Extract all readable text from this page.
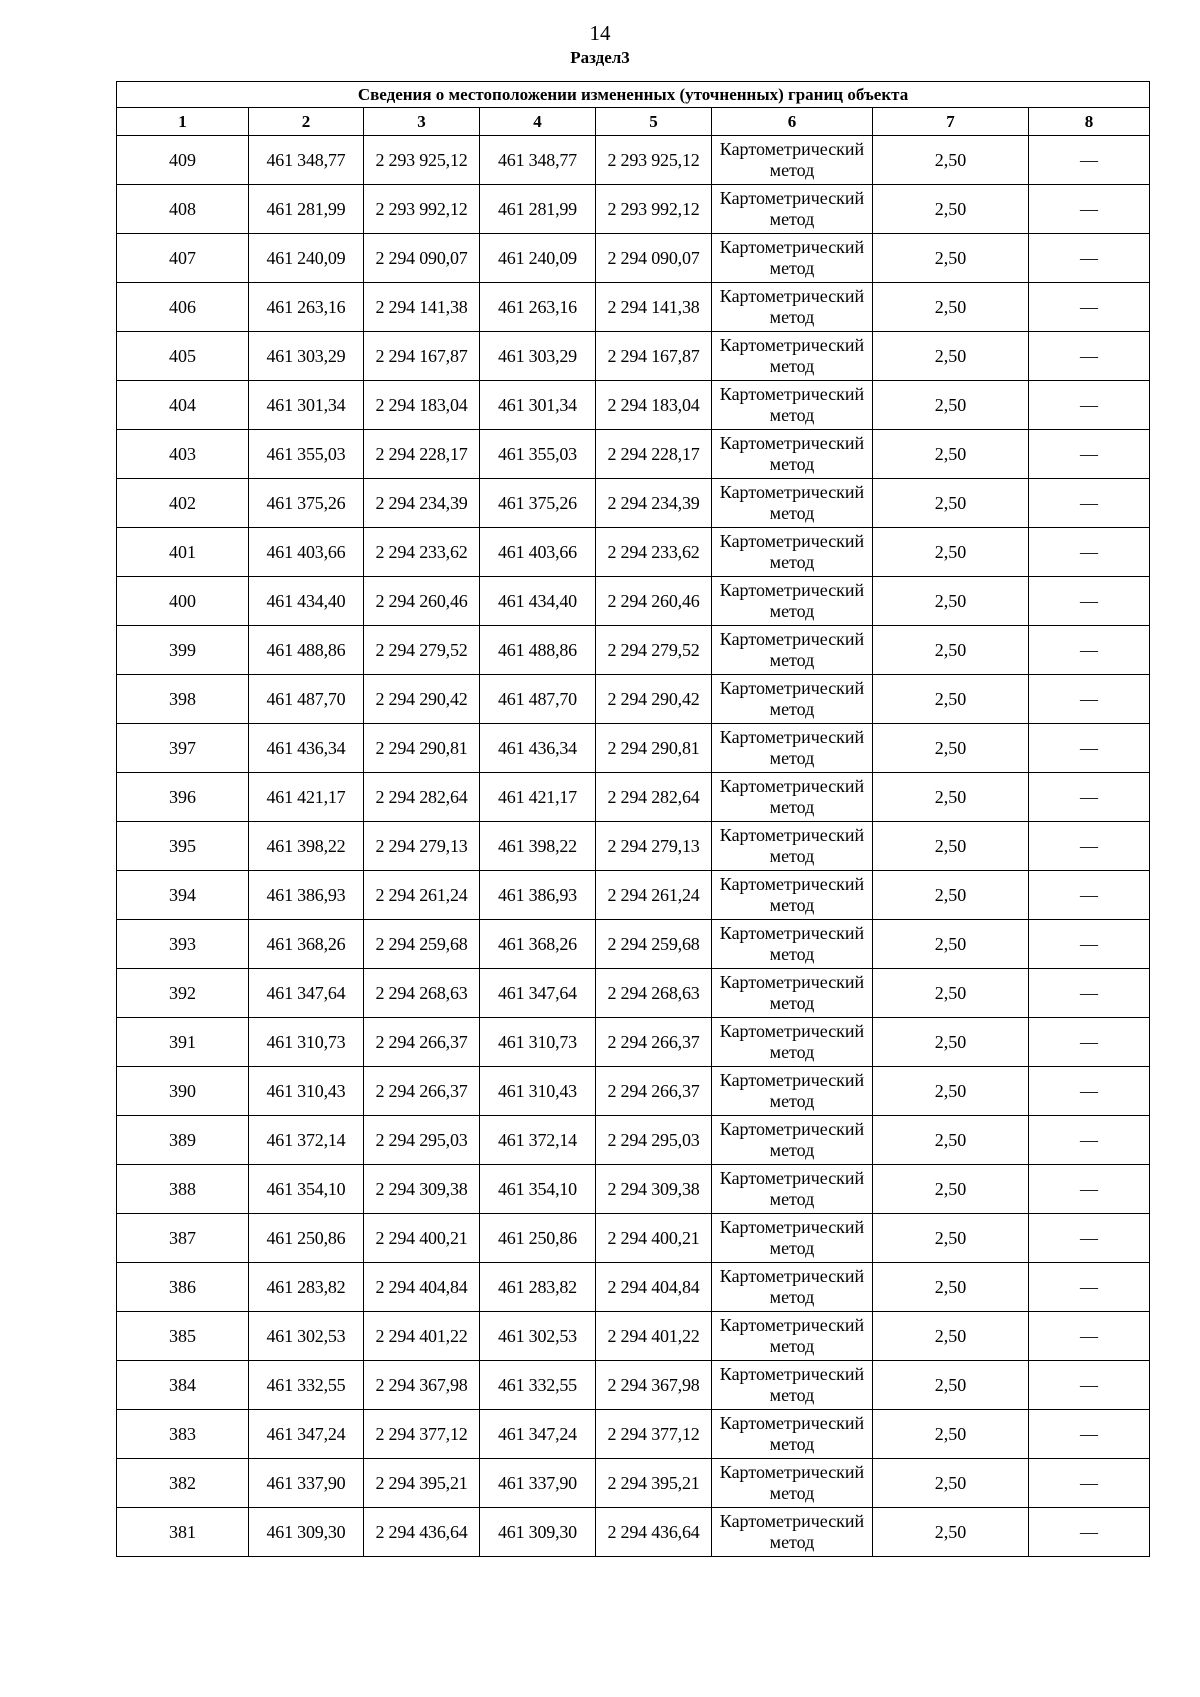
14
Раздел3
Сведения о местоположении измененных (уточненных) границ объекта							
1	2	3	4	5	6	7	8
409	461 348,77	2 293 925,12	461 348,77	2 293 925,12	Картометрический метод	2,50	—
408	461 281,99	2 293 992,12	461 281,99	2 293 992,12	Картометрический метод	2,50	—
407	461 240,09	2 294 090,07	461 240,09	2 294 090,07	Картометрический метод	2,50	—
406	461 263,16	2 294 141,38	461 263,16	2 294 141,38	Картометрический метод	2,50	—
405	461 303,29	2 294 167,87	461 303,29	2 294 167,87	Картометрический метод	2,50	—
404	461 301,34	2 294 183,04	461 301,34	2 294 183,04	Картометрический метод	2,50	—
403	461 355,03	2 294 228,17	461 355,03	2 294 228,17	Картометрический метод	2,50	—
402	461 375,26	2 294 234,39	461 375,26	2 294 234,39	Картометрический метод	2,50	—
401	461 403,66	2 294 233,62	461 403,66	2 294 233,62	Картометрический метод	2,50	—
400	461 434,40	2 294 260,46	461 434,40	2 294 260,46	Картометрический метод	2,50	—
399	461 488,86	2 294 279,52	461 488,86	2 294 279,52	Картометрический метод	2,50	—
398	461 487,70	2 294 290,42	461 487,70	2 294 290,42	Картометрический метод	2,50	—
397	461 436,34	2 294 290,81	461 436,34	2 294 290,81	Картометрический метод	2,50	—
396	461 421,17	2 294 282,64	461 421,17	2 294 282,64	Картометрический метод	2,50	—
395	461 398,22	2 294 279,13	461 398,22	2 294 279,13	Картометрический метод	2,50	—
394	461 386,93	2 294 261,24	461 386,93	2 294 261,24	Картометрический метод	2,50	—
393	461 368,26	2 294 259,68	461 368,26	2 294 259,68	Картометрический метод	2,50	—
392	461 347,64	2 294 268,63	461 347,64	2 294 268,63	Картометрический метод	2,50	—
391	461 310,73	2 294 266,37	461 310,73	2 294 266,37	Картометрический метод	2,50	—
390	461 310,43	2 294 266,37	461 310,43	2 294 266,37	Картометрический метод	2,50	—
389	461 372,14	2 294 295,03	461 372,14	2 294 295,03	Картометрический метод	2,50	—
388	461 354,10	2 294 309,38	461 354,10	2 294 309,38	Картометрический метод	2,50	—
387	461 250,86	2 294 400,21	461 250,86	2 294 400,21	Картометрический метод	2,50	—
386	461 283,82	2 294 404,84	461 283,82	2 294 404,84	Картометрический метод	2,50	—
385	461 302,53	2 294 401,22	461 302,53	2 294 401,22	Картометрический метод	2,50	—
384	461 332,55	2 294 367,98	461 332,55	2 294 367,98	Картометрический метод	2,50	—
383	461 347,24	2 294 377,12	461 347,24	2 294 377,12	Картометрический метод	2,50	—
382	461 337,90	2 294 395,21	461 337,90	2 294 395,21	Картометрический метод	2,50	—
381	461 309,30	2 294 436,64	461 309,30	2 294 436,64	Картометрический метод	2,50	—
